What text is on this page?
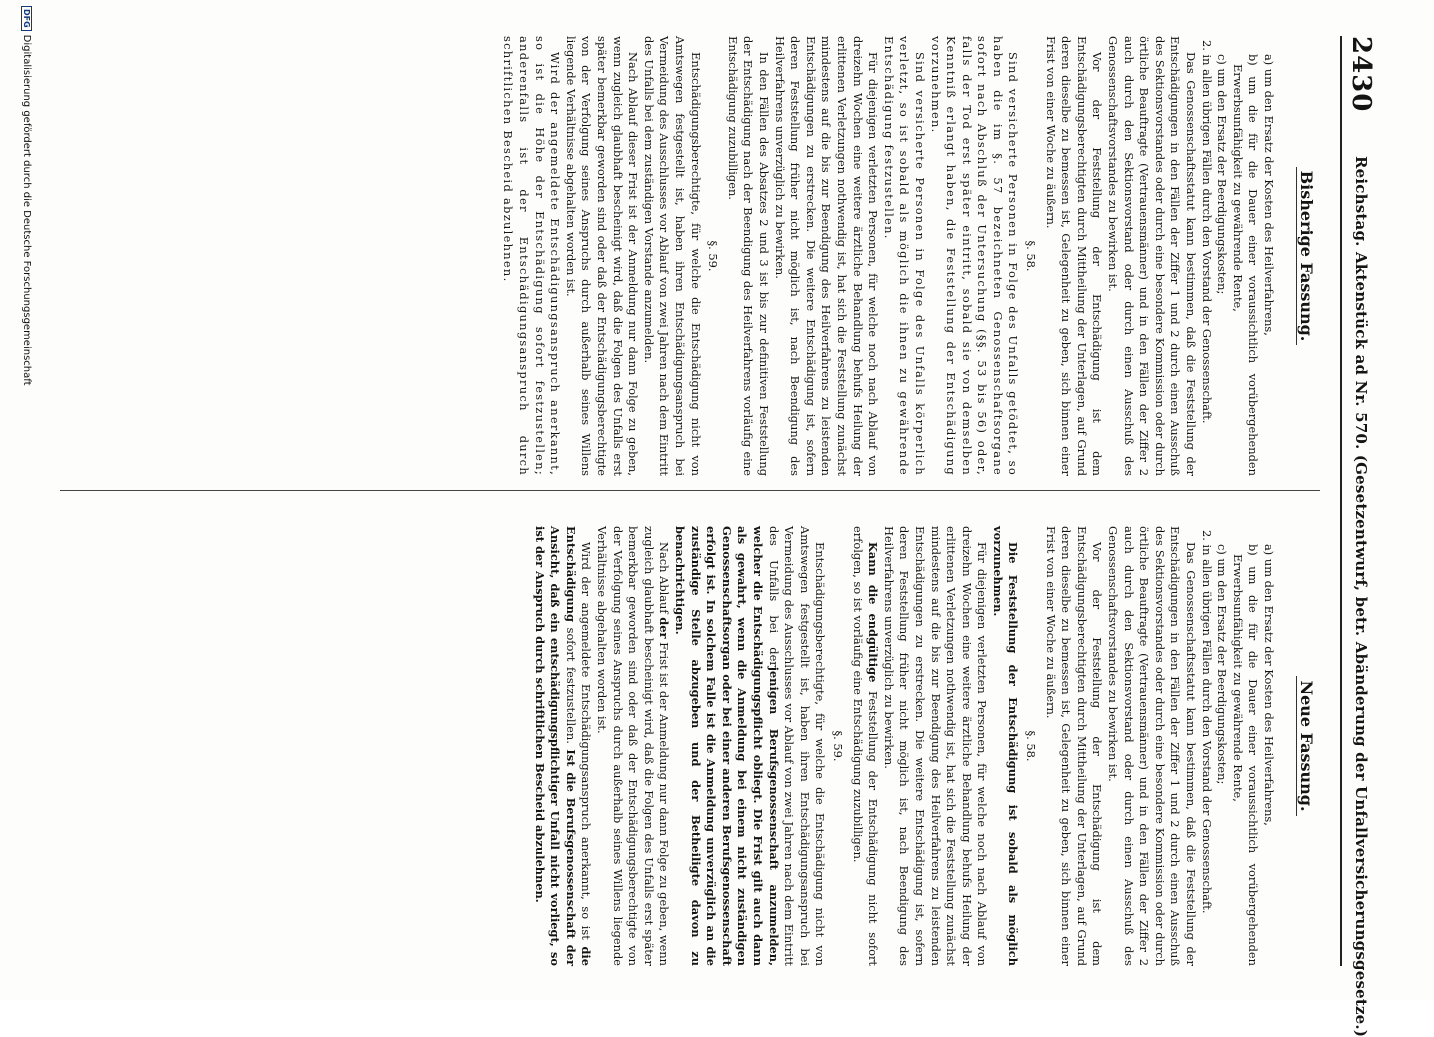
2430
Reichstag. Aktenstück ad Nr. 570. (Gesetzentwurf, betr. Abänderung der Unfallversicherungsgesetze.)
Bisherige Fassung.
Neue Fassung.

a) um den Ersatz der Kosten des Heilverfahrens,

b) um die für die Dauer einer voraussichtlich vorübergehenden Erwerbsunfähigkeit zu gewährende Rente,

c) um den Ersatz der Beerdigungskosten;

2. in allen übrigen Fällen durch den Vorstand der Genossenschaft.

Das Genossenschaftsstatut kann bestimmen, daß die Feststellung der Entschädigungen in den Fällen der Ziffer 1 und 2 durch einen Ausschuß des Sektionsvorstandes oder durch eine besondere Kommission oder durch örtliche Beauftragte (Vertrauensmänner) und in den Fällen der Ziffer 2 auch durch den Sektionsvorstand oder durch einen Ausschuß des Genossenschaftsvorstandes zu bewirken ist.

Vor der Feststellung der Entschädigung ist dem Entschädigungsberechtigten durch Mittheilung der Unterlagen, auf Grund deren dieselbe zu bemessen ist, Gelegenheit zu geben, sich binnen einer Frist von einer Woche zu äußern.

§. 58.

Sind versicherte Personen in Folge des Unfalls getödtet, so haben die im §. 57 bezeichneten Genossenschaftsorgane sofort nach Abschluß der Untersuchung (§§. 53 bis 56) oder, falls der Tod erst später eintritt, sobald sie von demselben Kenntniß erlangt haben, die Feststellung der Entschädigung vorzunehmen.

Sind versicherte Personen in Folge des Unfalls körperlich verletzt, so ist sobald als möglich die ihnen zu gewährende Entschädigung festzustellen.

Für diejenigen verletzten Personen, für welche noch nach Ablauf von dreizehn Wochen eine weitere ärztliche Behandlung behufs Heilung der erlittenen Verletzungen nothwendig ist, hat sich die Feststellung zunächst mindestens auf die bis zur Beendigung des Heilverfahrens zu leistenden Entschädigungen zu erstrecken. Die weitere Entschädigung ist, sofern deren Feststellung früher nicht möglich ist, nach Beendigung des Heilverfahrens unverzüglich zu bewirken.

In den Fällen des Absatzes 2 und 3 ist bis zur definitiven Feststellung der Entschädigung nach der Beendigung des Heilverfahrens vorläufig eine Entschädigung zuzubilligen.

§. 59.

Entschädigungsberechtigte, für welche die Entschädigung nicht von Amtswegen festgestellt ist, haben ihren Entschädigungsanspruch bei Vermeidung des Ausschlusses vor Ablauf von zwei Jahren nach dem Eintritt des Unfalls bei dem zuständigen Vorstande anzumelden.

Nach Ablauf dieser Frist ist der Anmeldung nur dann Folge zu geben, wenn zugleich glaubhaft bescheinigt wird, daß die Folgen des Unfalls erst später bemerkbar geworden sind oder daß der Entschädigungsberechtigte von der Verfolgung seines Anspruchs durch außerhalb seines Willens liegende Verhältnisse abgehalten worden ist.

Wird der angemeldete Entschädigungsanspruch anerkannt, so ist die Höhe der Entschädigung sofort festzustellen; anderenfalls ist der Entschädigungsanspruch durch schriftlichen Bescheid abzulehnen.

a) um den Ersatz der Kosten des Heilverfahrens,

b) um die für die Dauer einer voraussichtlich vorübergehenden Erwerbsunfähigkeit zu gewährende Rente,

c) um den Ersatz der Beerdigungskosten;

2. in allen übrigen Fällen durch den Vorstand der Genossenschaft.

Das Genossenschaftsstatut kann bestimmen, daß die Feststellung der Entschädigungen in den Fällen der Ziffer 1 und 2 durch einen Ausschuß des Sektionsvorstandes oder durch eine besondere Kommission oder durch örtliche Beauftragte (Vertrauensmänner) und in den Fällen der Ziffer 2 auch durch den Sektionsvorstand oder durch einen Ausschuß des Genossenschaftsvorstandes zu bewirken ist.

Vor der Feststellung der Entschädigung ist dem Entschädigungsberechtigten durch Mittheilung der Unterlagen, auf Grund deren dieselbe zu bemessen ist, Gelegenheit zu geben, sich binnen einer Frist von einer Woche zu äußern.

§. 58.

Die Feststellung der Entschädigung ist sobald als möglich vorzunehmen.

Für diejenigen verletzten Personen, für welche noch nach Ablauf von dreizehn Wochen eine weitere ärztliche Behandlung behufs Heilung der erlittenen Verletzungen nothwendig ist, hat sich die Feststellung zunächst mindestens auf die bis zur Beendigung des Heilverfahrens zu leistenden Entschädigungen zu erstrecken. Die weitere Entschädigung ist, sofern deren Feststellung früher nicht möglich ist, nach Beendigung des Heilverfahrens unverzüglich zu bewirken.

Kann die endgültige Feststellung der Entschädigung nicht sofort erfolgen, so ist vorläufig eine Entschädigung zuzubilligen.

§. 59.

Entschädigungsberechtigte, für welche die Entschädigung nicht von Amtswegen festgestellt ist, haben ihren Entschädigungsanspruch bei Vermeidung des Ausschlusses vor Ablauf von zwei Jahren nach dem Eintritt des Unfalls bei derjenigen Berufsgenossenschaft anzumelden, welcher die Entschädigungspflicht obliegt. Die Frist gilt auch dann als gewahrt, wenn die Anmeldung bei einem nicht zuständigen Genossenschaftsorgan oder bei einer anderen Berufsgenossenschaft erfolgt ist. In solchem Falle ist die Anmeldung unverzüglich an die zuständige Stelle abzugeben und der Betheiligte davon zu benachrichtigen.

Nach Ablauf der Frist ist der Anmeldung nur dann Folge zu geben, wenn zugleich glaubhaft bescheinigt wird, daß die Folgen des Unfalls erst später bemerkbar geworden sind oder daß der Entschädigungsberechtigte von der Verfolgung seines Anspruchs durch außerhalb seines Willens liegende Verhältnisse abgehalten worden ist.

Wird der angemeldete Entschädigungsanspruch anerkannt, so ist die Entschädigung sofort festzustellen. Ist die Berufsgenossenschaft der Ansicht, daß ein entschädigungspflichtiger Unfall nicht vorliegt, so ist der Anspruch durch schriftlichen Bescheid abzulehnen.

DFGDigitalisierung gefördert durch die Deutsche Forschungsgemeinschaft
